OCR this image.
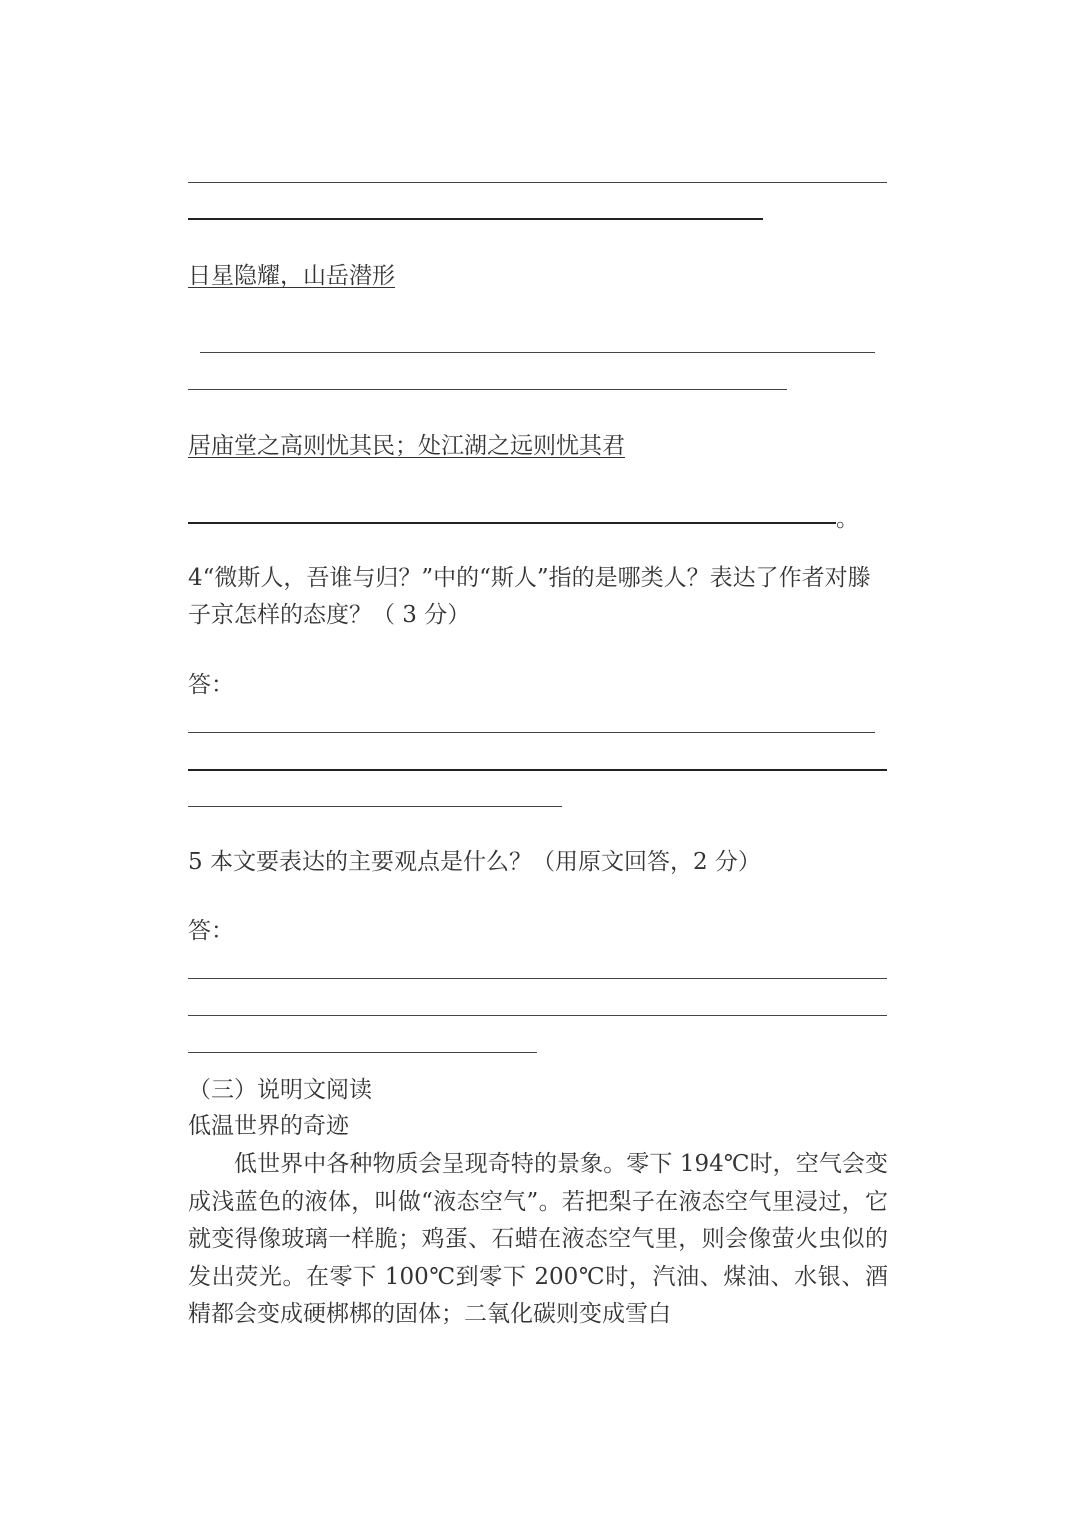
日星隐耀，山岳潜形
居庙堂之高则忧其民；处江湖之远则忧其君
。
4“微斯人，吾谁与归？”中的“斯人”指的是哪类人？表达了作者对滕子京怎样的态度？（ 3 分）
答：
5 本文要表达的主要观点是什么？（用原文回答，2 分）
答：
（三）说明文阅读
低温世界的奇迹
低世界中各种物质会呈现奇特的景象。零下 194℃时，空气会变成浅蓝色的液体，叫做“液态空气”。若把梨子在液态空气里浸过，它就变得像玻璃一样脆；鸡蛋、石蜡在液态空气里，则会像萤火虫似的发出荧光。在零下 100℃到零下 200℃时，汽油、煤油、水银、酒精都会变成硬梆梆的固体；二氧化碳则变成雪白
